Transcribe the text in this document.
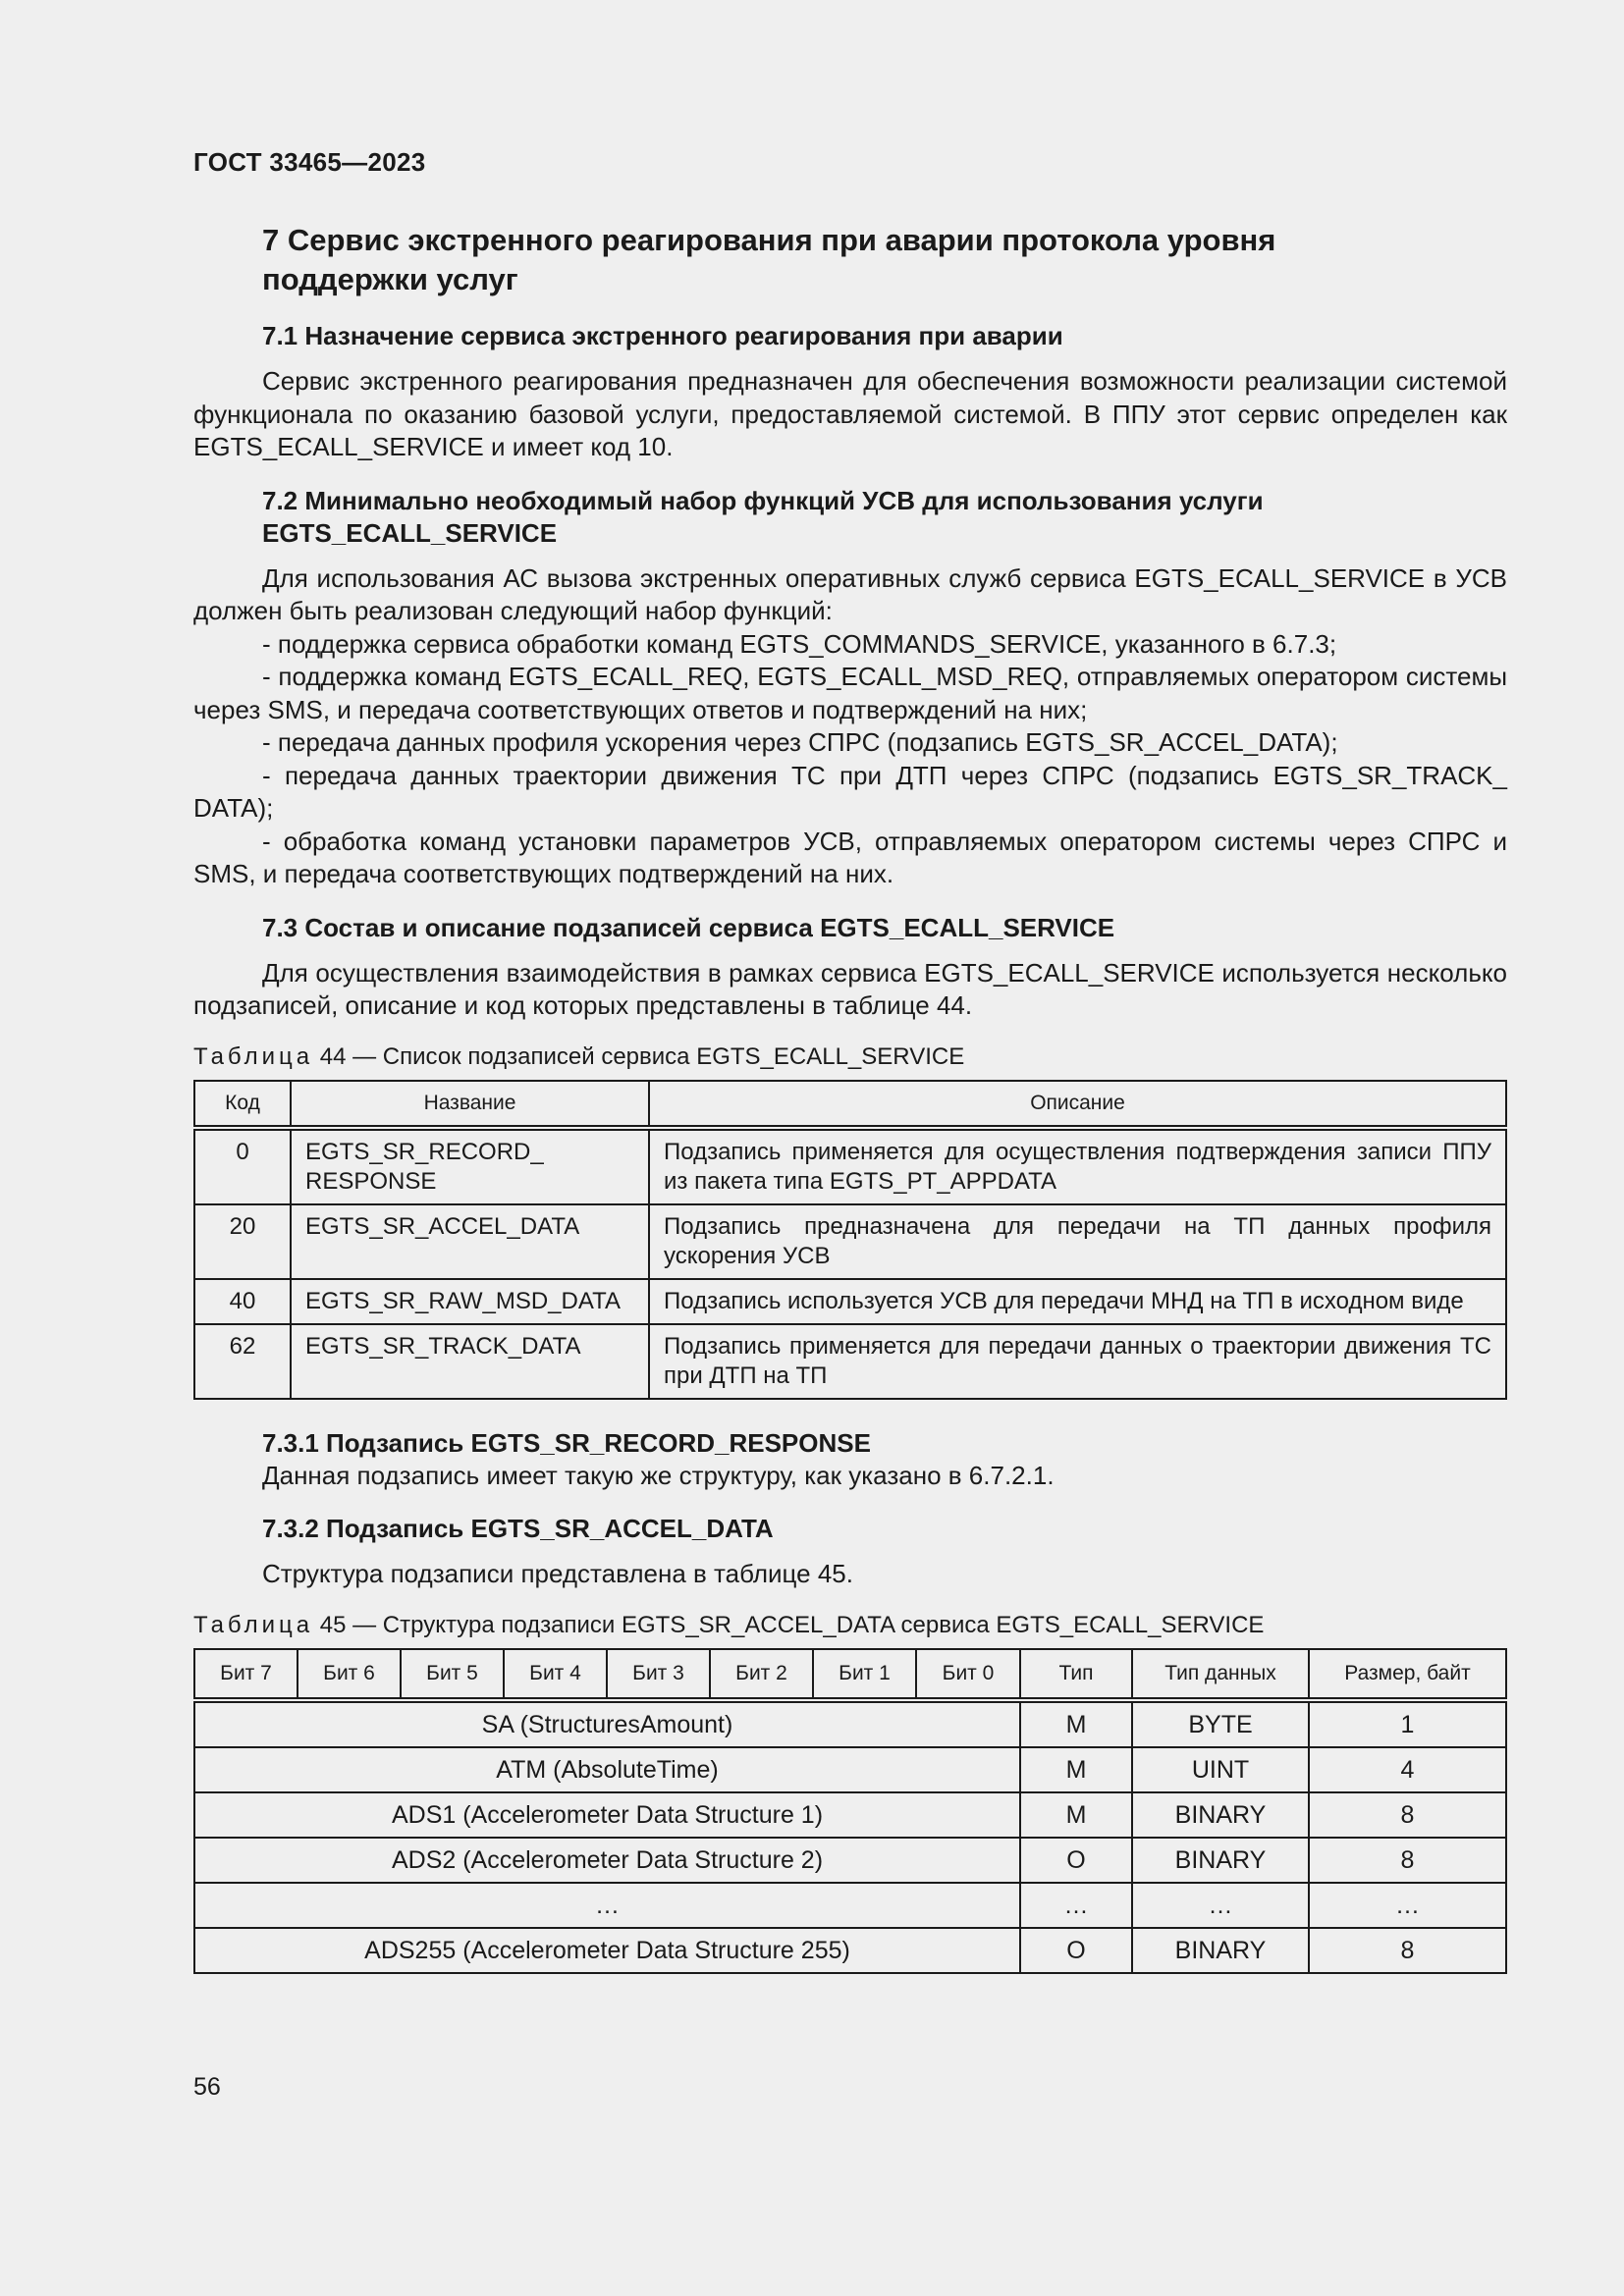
ГОСТ 33465—2023
7 Сервис экстренного реагирования при аварии протокола уровня
поддержки услуг
7.1 Назначение сервиса экстренного реагирования при аварии

Сервис экстренного реагирования предназначен для обеспечения возможности реализации системой функционала по оказанию базовой услуги, предоставляемой системой. В ППУ этот сервис определен как EGTS_ECALL_SERVICE и имеет код 10.

7.2 Минимально необходимый набор функций УСВ для использования услуги
EGTS_ECALL_SERVICE

Для использования АС вызова экстренных оперативных служб сервиса EGTS_ECALL_SERVICE в УСВ должен быть реализован следующий набор функций:

- поддержка сервиса обработки команд EGTS_COMMANDS_SERVICE, указанного в 6.7.3;

- поддержка команд EGTS_ECALL_REQ, EGTS_ECALL_MSD_REQ, отправляемых оператором системы через SMS, и передача соответствующих ответов и подтверждений на них;

- передача данных профиля ускорения через СПРС (подзапись EGTS_SR_ACCEL_DATA);

- передача данных траектории движения ТС при ДТП через СПРС (подзапись EGTS_SR_TRACK_ DATA);

- обработка команд установки параметров УСВ, отправляемых оператором системы через СПРС и SMS, и передача соответствующих подтверждений на них.

7.3 Состав и описание подзаписей сервиса EGTS_ECALL_SERVICE

Для осуществления взаимодействия в рамках сервиса EGTS_ECALL_SERVICE используется несколько подзаписей, описание и код которых представлены в таблице 44.

Таблица 44 — Список подзаписей сервиса EGTS_ECALL_SERVICE
Код	Название	Описание
0	EGTS_SR_RECORD_ RESPONSE	Подзапись применяется для осуществления подтверждения записи ППУ из пакета типа EGTS_PT_APPDATA
20	EGTS_SR_ACCEL_DATA	Подзапись предназначена для передачи на ТП данных профиля ускорения УСВ
40	EGTS_SR_RAW_MSD_DATA	Подзапись используется УСВ для передачи МНД на ТП в исходном виде
62	EGTS_SR_TRACK_DATA	Подзапись применяется для передачи данных о траектории движения ТС при ДТП на ТП
7.3.1 Подзапись EGTS_SR_RECORD_RESPONSE

Данная подзапись имеет такую же структуру, как указано в 6.7.2.1.

7.3.2 Подзапись EGTS_SR_ACCEL_DATA

Структура подзаписи представлена в таблице 45.

Таблица 45 — Структура подзаписи EGTS_SR_ACCEL_DATA сервиса EGTS_ECALL_SERVICE
Бит 7	Бит 6	Бит 5	Бит 4	Бит 3	Бит 2	Бит 1	Бит 0	Тип	Тип данных	Размер, байт
SA (StructuresAmount)								M	BYTE	1
ATM (AbsoluteTime)								M	UINT	4
ADS1 (Accelerometer Data Structure 1)								M	BINARY	8
ADS2 (Accelerometer Data Structure 2)								O	BINARY	8
…								…	…	…
ADS255 (Accelerometer Data Structure 255)								O	BINARY	8
56
